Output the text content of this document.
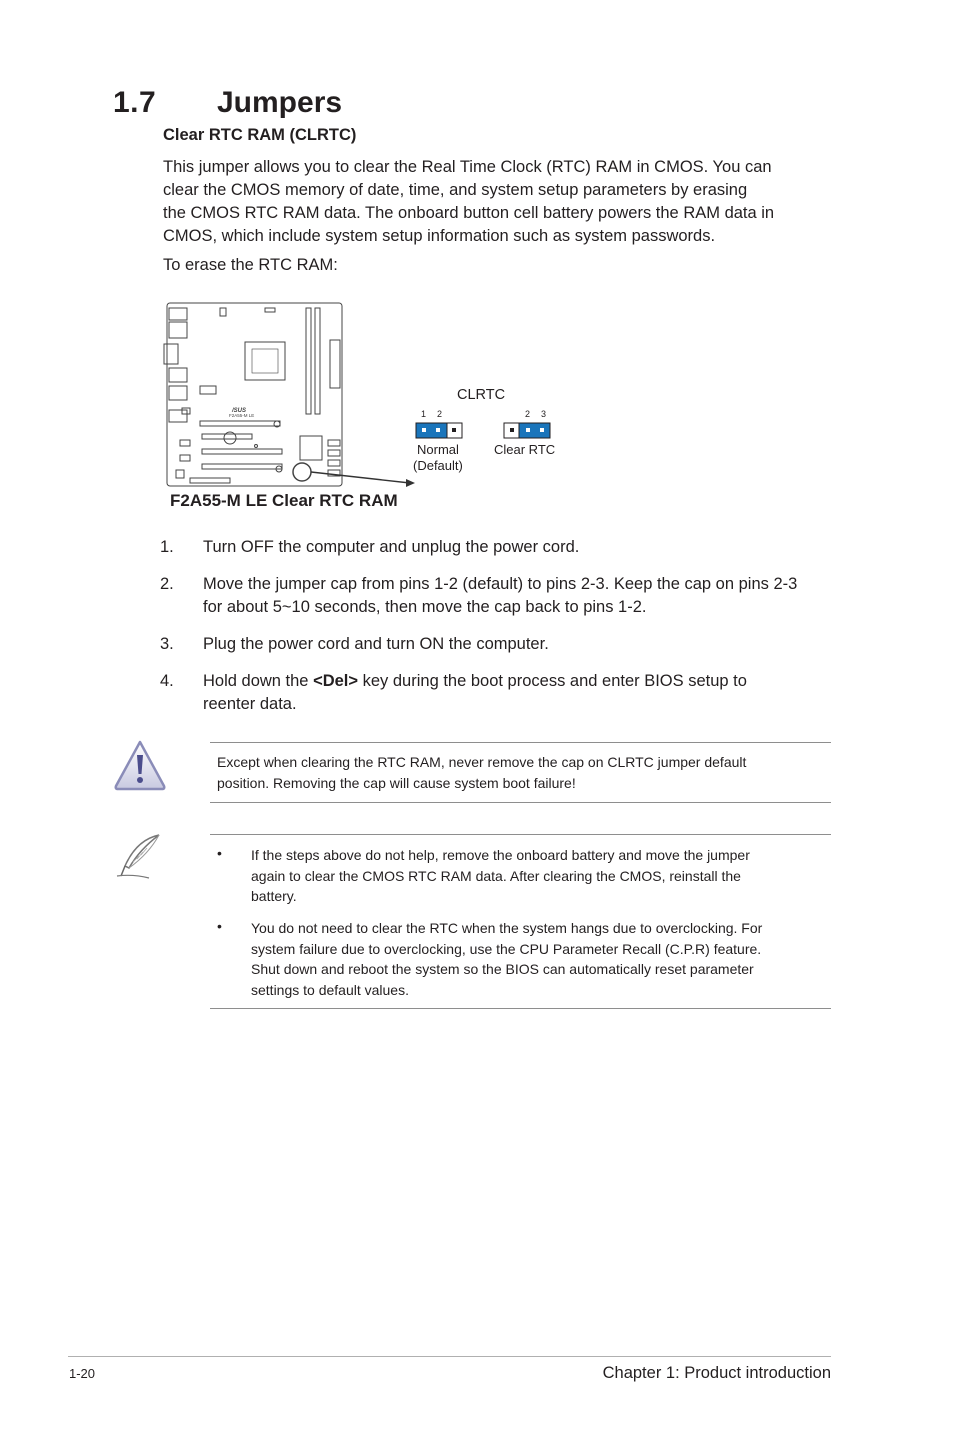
1.7 Jumpers
Clear RTC RAM (CLRTC)
This jumper allows you to clear the Real Time Clock (RTC) RAM in CMOS. You can
clear the CMOS memory of date, time, and system setup parameters by erasing
the CMOS RTC RAM data. The onboard button cell battery powers the RAM data in
CMOS, which include system setup information such as system passwords.
To erase the RTC RAM:
/SUS
F2A55-M LE
CLRTC
1 2
Normal
(Default)
2 3
Clear RTC
F2A55-M LE Clear RTC RAM
1. Turn OFF the computer and unplug the power cord.
2. Move the jumper cap from pins 1-2 (default) to pins 2-3. Keep the cap on pins 2-3
for about 5~10 seconds, then move the cap back to pins 1-2.
3. Plug the power cord and turn ON the computer.
4. Hold down the <Del> key during the boot process and enter BIOS setup to
reenter data.
Except when clearing the RTC RAM, never remove the cap on CLRTC jumper default
position. Removing the cap will cause system boot failure!
• If the steps above do not help, remove the onboard battery and move the jumper
again to clear the CMOS RTC RAM data. After clearing the CMOS, reinstall the
battery.
• You do not need to clear the RTC when the system hangs due to overclocking. For
system failure due to overclocking, use the CPU Parameter Recall (C.P.R) feature.
Shut down and reboot the system so the BIOS can automatically reset parameter
settings to default values.
1-20	Chapter 1: Product introduction
